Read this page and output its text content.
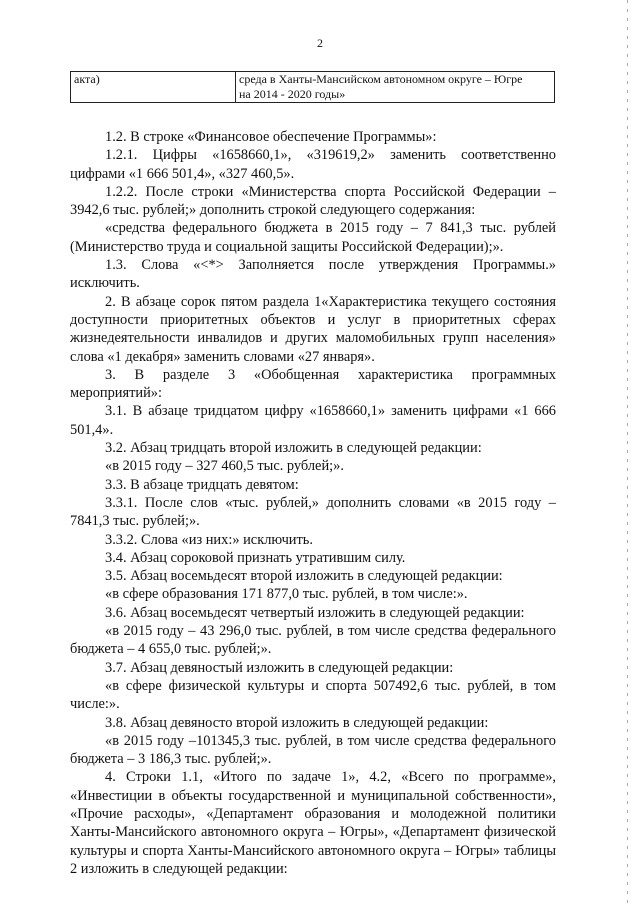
2
акта)	среда в Ханты-Мансийском автономном округе – Югре
на 2014 - 2020 годы»

1.2. В строке «Финансовое обеспечение Программы»:

1.2.1. Цифры «1658660,1», «319619,2» заменить соответственно цифрами «1 666 501,4», «327 460,5».

1.2.2. После строки «Министерства спорта Российской Федерации – 3942,6 тыс. рублей;» дополнить строкой следующего содержания:

«средства федерального бюджета в 2015 году – 7 841,3 тыс. рублей (Министерство труда и социальной защиты Российской Федерации);».

1.3. Слова «<*> Заполняется после утверждения Программы.» исключить.

2. В абзаце сорок пятом раздела 1«Характеристика текущего состояния доступности приоритетных объектов и услуг в приоритетных сферах жизнедеятельности инвалидов и других маломобильных групп населения» слова «1 декабря» заменить словами «27 января».

3. В разделе 3 «Обобщенная характеристика программных мероприятий»:

3.1. В абзаце тридцатом цифру «1658660,1» заменить цифрами «1 666 501,4».

3.2. Абзац тридцать второй изложить в следующей редакции:

«в 2015 году – 327 460,5 тыс. рублей;».

3.3. В абзаце тридцать девятом:

3.3.1. После слов «тыс. рублей,» дополнить словами «в 2015 году – 7841,3 тыс. рублей;».

3.3.2. Слова «из них:» исключить.

3.4. Абзац сороковой признать утратившим силу.

3.5. Абзац восемьдесят второй изложить в следующей редакции:

«в сфере образования 171 877,0 тыс. рублей, в том числе:».

3.6. Абзац восемьдесят четвертый изложить в следующей редакции:

«в 2015 году – 43 296,0 тыс. рублей, в том числе средства федерального бюджета – 4 655,0 тыс. рублей;».

3.7. Абзац девяностый изложить в следующей редакции:

«в сфере физической культуры и спорта 507492,6 тыс. рублей, в том числе:».

3.8. Абзац девяносто второй изложить в следующей редакции:

«в 2015 году –101345,3 тыс. рублей, в том числе средства федерального бюджета – 3 186,3 тыс. рублей;».

4. Строки 1.1, «Итого по задаче 1», 4.2, «Всего по программе», «Инвестиции в объекты государственной и муниципальной собственности», «Прочие расходы», «Департамент образования и молодежной политики Ханты-Мансийского автономного округа – Югры», «Департамент физической культуры и спорта Ханты-Мансийского автономного округа – Югры» таблицы 2 изложить в следующей редакции:
